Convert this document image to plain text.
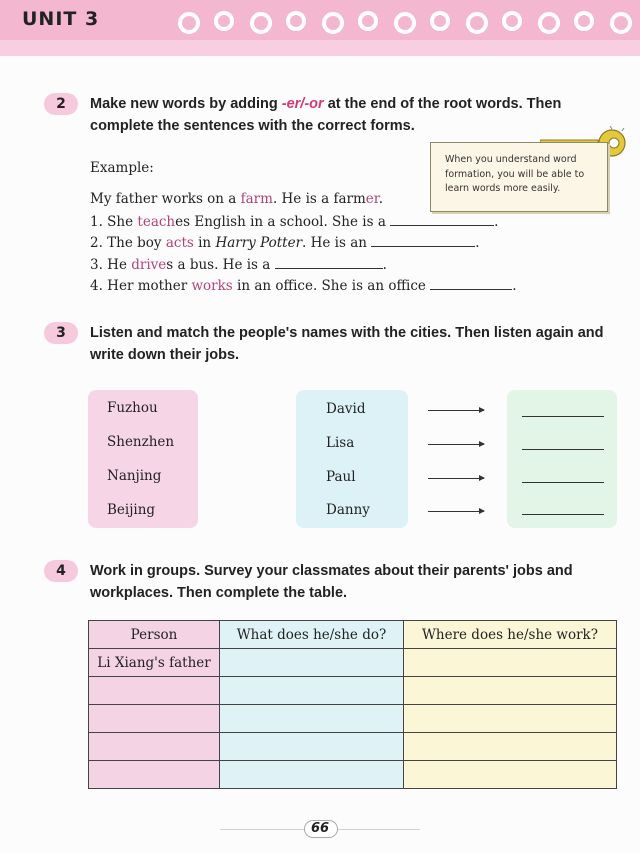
UNIT 3
2	Make new words by adding -er/-or at the end of the root words. Then complete the sentences with the correct forms.
When you understand word formation, you will be able to learn words more easily.
Example:
My father works on a farm. He is a farmer.
1. She teaches English in a school. She is a	.
2. The boy acts in Harry Potter. He is an	.
3. He drives a bus. He is a	.
4. Her mother works in an office. She is an office	.
3	Listen and match the people's names with the cities. Then listen again and write down their jobs.
Fuzhou
Shenzhen
Nanjing
Beijing
David
Lisa
Paul
Danny
4	Work in groups. Survey your classmates about their parents' jobs and workplaces. Then complete the table.
Person	What does he/she do?	Where does he/she work?
Li Xiang's father		

66
